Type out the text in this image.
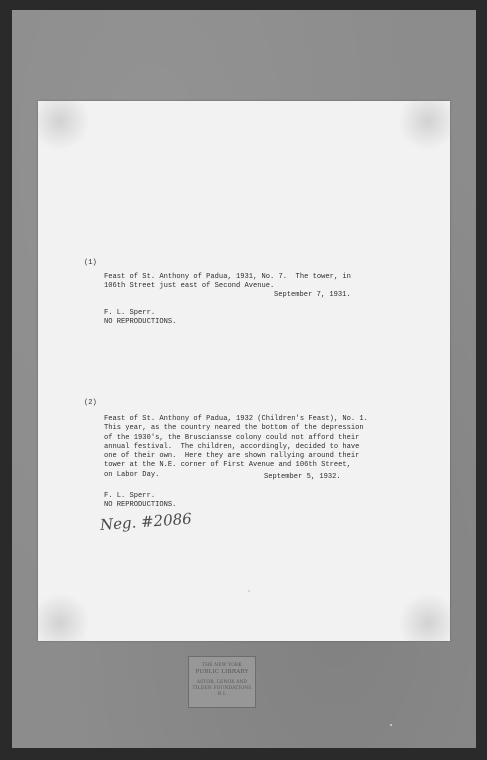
(1)
Feast of St. Anthony of Padua, 1931, No. 7.  The tower, in
106th Street just east of Second Avenue.
September 7, 1931.
F. L. Sperr.
NO REPRODUCTIONS.
(2)
Feast of St. Anthony of Padua, 1932 (Children's Feast), No. 1.
This year, as the country neared the bottom of the depression
of the 1930's, the Brusciansse colony could not afford their
annual festival.  The children, accordingly, decided to have
one of their own.  Here they are shown rallying around their
tower at the N.E. corner of First Avenue and 106th Street,
on Labor Day.	September 5, 1932.
F. L. Sperr.
NO REPRODUCTIONS.
Neg. #2086
THE NEW YORK
PUBLIC LIBRARY
ASTOR, LENOX AND
TILDEN FOUNDATIONS
R L
